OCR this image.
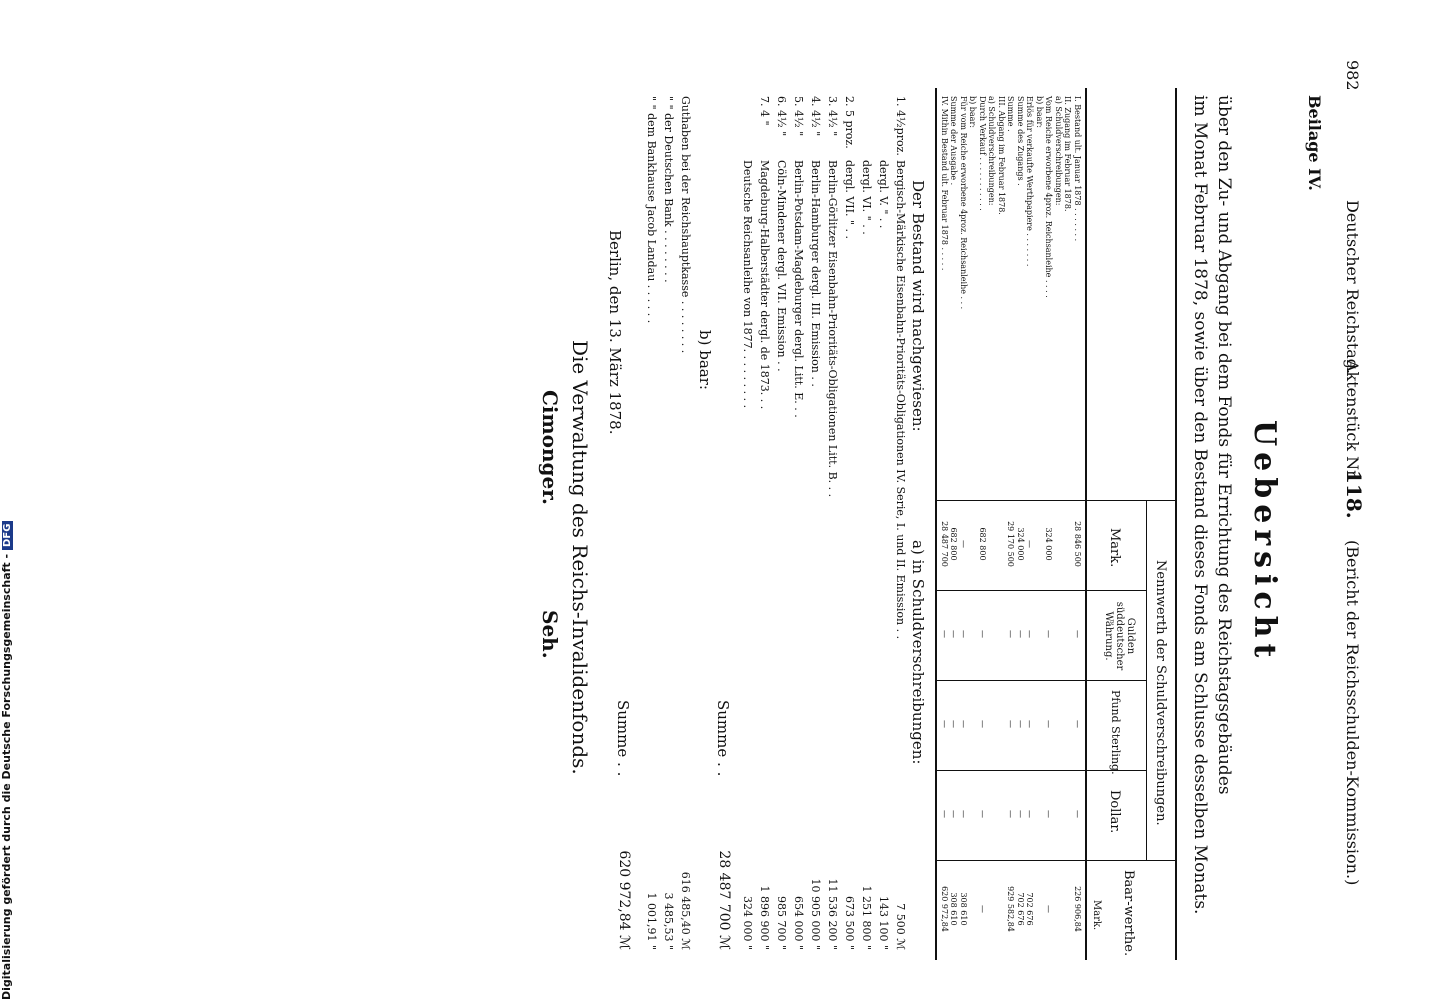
982
Deutscher Reichstag.
Aktenstück Nr.
118.
(Bericht der Reichsschulden-Kommission.)
Beilage IV.
Uebersicht
über den Zu- und Abgang bei dem Fonds für Errichtung des Reichstagsgebäudes
im Monat Februar 1878, sowie über den Bestand dieses Fonds am Schlusse desselben Monats.
Nennwerth der Schuldverschreibungen.
Mark.
Gulden süddeutscher Währung.
Pfund Sterling.
Dollar.
Baar-werthe.
Mark.
I. Bestand ult. Januar 1878 . . . . . . .
28 846 500
—
—
—
226 906,84
II. Zugang im Februar 1878.
a) Schuldverschreibungen:
Vom Reiche erworbene 4proz. Reichsanleihe . . . .
324 000
—
—
—
—
b) baar:
Erlös für verkaufte Werthpapiere . . . . . . .
—
—
—
—
702 676
Summe des Zugangs .
324 000
—
—
—
702 676
Summe .
29 170 500
—
—
—
929 582,84
III. Abgang im Februar 1878.
a) Schuldverschreibungen:
Durch Verkauf . . . . . . . . . . .
682 800
—
—
—
—
b) baar:
Für vom Reiche erworbene 4proz. Reichsanleihe . . .
—
—
—
—
308 610
Summe der Ausgabe .
682 800
—
—
—
308 610
IV. Mithin Bestand ult. Februar 1878 . . . . .
28 487 700
—
—
—
620 972,84
Der Bestand wird nachgewiesen:
a) in Schuldverschreibungen:
1. 4½proz.
Bergisch-Märkische Eisenbahn-Prioritäts-Obligationen IV. Serie, I. und II. Emission . .
7 500 ℳ
dergl. V. " . .
143 100 "
dergl. VI. " . .
1 251 800 "
2. 5 proz.
dergl. VII. " . .
673 500 "
3. 4½ "
Berlin-Görlitzer Eisenbahn-Prioritäts-Obligationen Litt. B. . .
11 536 200 "
4. 4½ "
Berlin-Hamburger dergl. III. Emission . .
10 905 000 "
5. 4½ "
Berlin-Potsdam-Magdeburger dergl. Litt. E. . .
654 000 "
6. 4½ "
Cöln-Mindener dergl. VII. Emission . .
985 700 "
7. 4 "
Magdeburg-Halberstädter dergl. de 1873. . .
1 896 900 "
Deutsche Reichsanleihe von 1877. . . . . . . . .
324 000 "
Summe . .
28 487 700 ℳ
b) baar:
Guthaben bei der Reichshauptkasse . . . . . . . .
616 485,40 ℳ
" " der Deutschen Bank . . . . . . . .
3 485,53 "
" " dem Bankhause Jacob Landau . . . . . .
1 001,91 "
Summe . .
620 972,84 ℳ
Berlin, den 13. März 1878.
Die Verwaltung des Reichs-Invalidenfonds.
Cimonger.
Seh.
Digitalisierung gefördert durch die Deutsche Forschungsgemeinschaft -DFG
